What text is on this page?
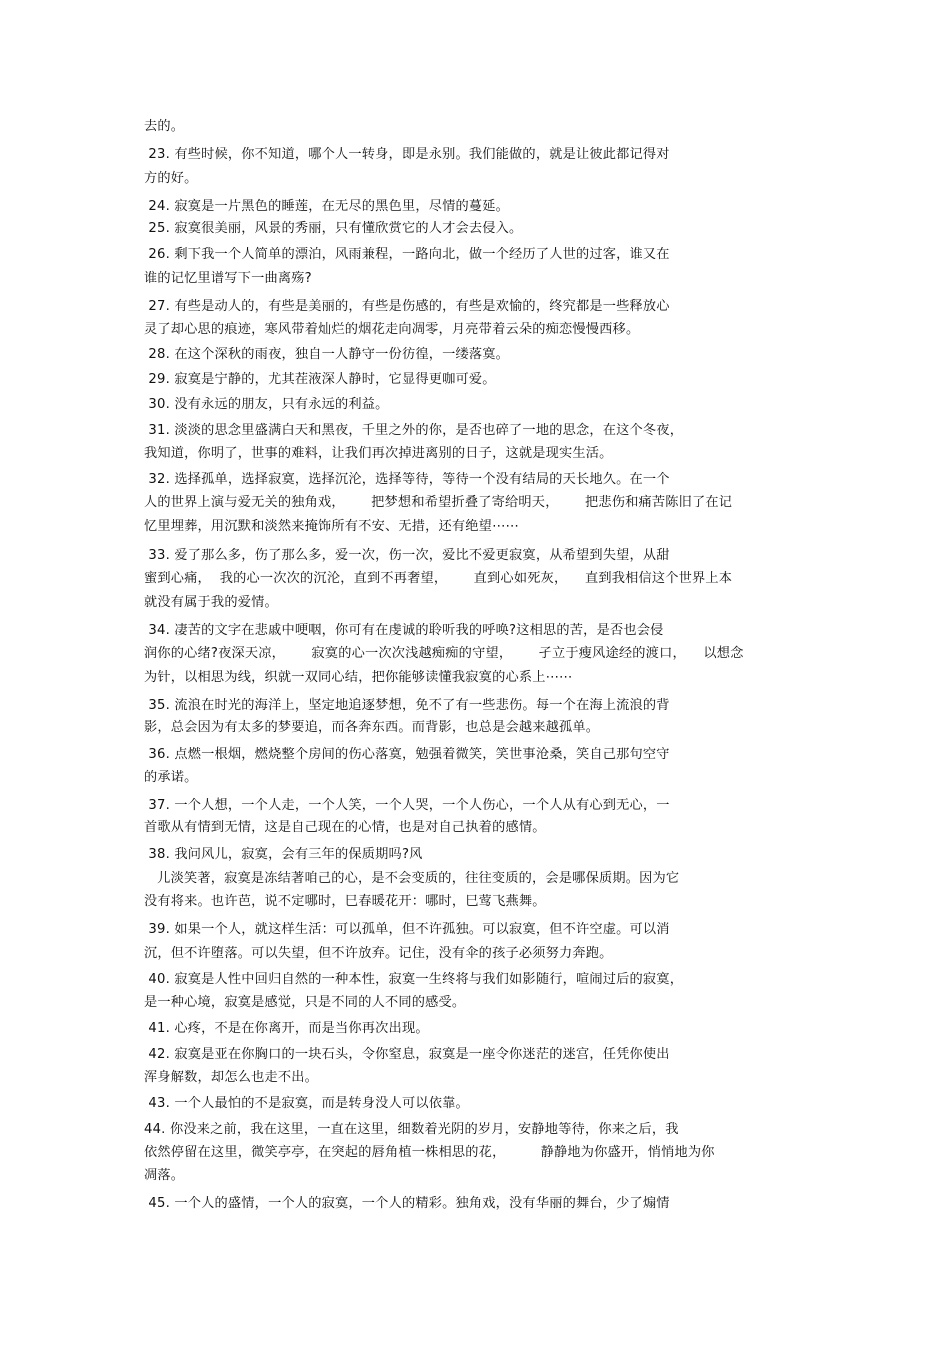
去的。

23. 有些时候，你不知道，哪个人一转身，即是永别。我们能做的，就是让彼此都记得对

方的好。

24. 寂寞是一片黑色的睡莲，在无尽的黑色里，尽情的蔓延。

25. 寂寞很美丽，风景的秀丽，只有懂欣赏它的人才会去侵入。

26. 剩下我一个人简单的漂泊，风雨兼程，一路向北，做一个经历了人世的过客，谁又在

谁的记忆里谱写下一曲离殇?

27. 有些是动人的，有些是美丽的，有些是伤感的，有些是欢愉的，终究都是一些释放心

灵了却心思的痕迹，寒风带着灿烂的烟花走向凋零，月亮带着云朵的痴恋慢慢西移。

28. 在这个深秋的雨夜，独自一人静守一份彷徨，一缕落寞。

29. 寂寞是宁静的，尤其茬液深人静时，它显得更咖可爱。

30. 没有永远的朋友，只有永远的利益。

31. 淡淡的思念里盛满白天和黑夜，千里之外的你，是否也碎了一地的思念，在这个冬夜，

我知道，你明了，世事的难料，让我们再次掉进离别的日子，这就是现实生活。

32. 选择孤单，选择寂寞，选择沉沦，选择等待，等待一个没有结局的天长地久。在一个

人的世界上演与爱无关的独角戏，      把梦想和希望折叠了寄给明天，      把悲伤和痛苦陈旧了在记

忆里埋葬，用沉默和淡然来掩饰所有不安、无措，还有绝望⋯⋯

33. 爱了那么多，伤了那么多，爱一次，伤一次，爱比不爱更寂寞，从希望到失望，从甜

蜜到心痛，  我的心一次次的沉沦，直到不再奢望，      直到心如死灰，    直到我相信这个世界上本

就没有属于我的爱情。

34. 凄苦的文字在悲戚中哽咽，你可有在虔诚的聆听我的呼唤?这相思的苦，是否也会侵

润你的心绪?夜深天凉，      寂寞的心一次次浅越痴痴的守望，      孑立于瘦风途经的渡口，    以想念

为针，以相思为线，织就一双同心结，把你能够读懂我寂寞的心系上⋯⋯

35. 流浪在时光的海洋上，坚定地追逐梦想，免不了有一些悲伤。每一个在海上流浪的背

影，总会因为有太多的梦要追，而各奔东西。而背影，也总是会越来越孤单。

36. 点燃一根烟，燃烧整个房间的伤心落寞，勉强着微笑，笑世事沧桑，笑自己那句空守

的承诺。

37. 一个人想，一个人走，一个人笑，一个人哭，一个人伤心，一个人从有心到无心，一

首歌从有情到无情，这是自己现在的心情，也是对自己执着的感情。

38. 我问风儿，寂寞，会有三年的保质期吗?风

儿淡笑著，寂寞是冻结著咱己的心，是不会变质的，往往变质的，会是哪保质期。因为它

没有将来。也许芭，说不定哪时，巳春暖花开：哪时，巳莺飞燕舞。

39. 如果一个人，就这样生活：可以孤单，但不许孤独。可以寂寞，但不许空虚。可以消

沉，但不许堕落。可以失望，但不许放弃。记住，没有伞的孩子必须努力奔跑。

40. 寂寞是人性中回归自然的一种本性，寂寞一生终将与我们如影随行，喧闹过后的寂寞，

是一种心境，寂寞是感觉，只是不同的人不同的感受。

41. 心疼，不是在你离开，而是当你再次出现。

42. 寂寞是亚在你胸口的一块石头，令你窒息，寂寞是一座令你迷茫的迷宫，任凭你使出

浑身解数，却怎么也走不出。

43. 一个人最怕的不是寂寞，而是转身没人可以依靠。

44. 你没来之前，我在这里，一直在这里，细数着光阴的岁月，安静地等待，你来之后，我

依然停留在这里，微笑亭亭，在突起的唇角植一株相思的花，        静静地为你盛开，悄悄地为你

凋落。

45. 一个人的盛情，一个人的寂寞，一个人的精彩。独角戏，没有华丽的舞台，少了煽情
